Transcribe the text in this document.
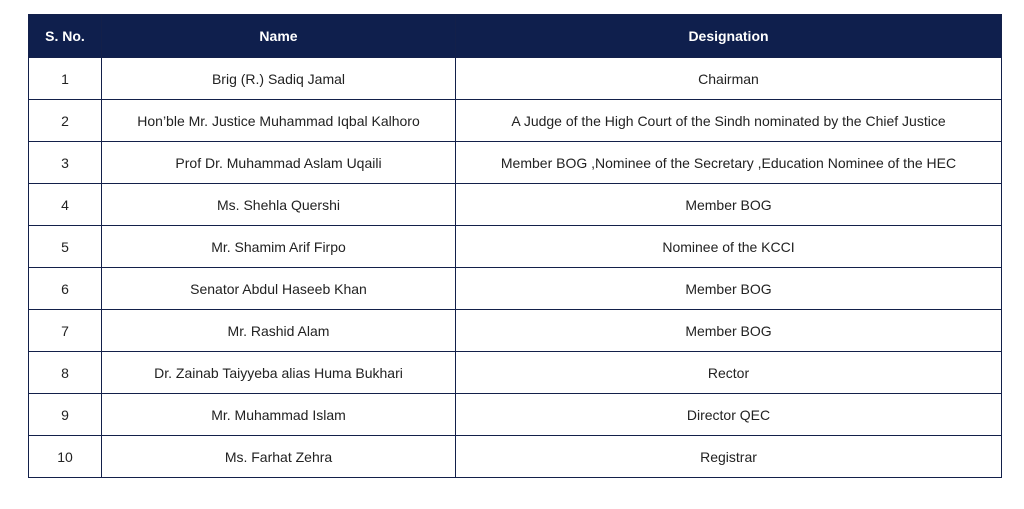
S. No.	Name	Designation
1	Brig (R.) Sadiq Jamal	Chairman
2	Hon’ble Mr. Justice Muhammad Iqbal Kalhoro	A Judge of the High Court of the Sindh nominated by the Chief Justice
3	Prof Dr. Muhammad Aslam Uqaili	Member BOG ,Nominee of the Secretary ,Education Nominee of the HEC
4	Ms. Shehla Quershi	Member BOG
5	Mr. Shamim Arif Firpo	Nominee of the KCCI
6	Senator Abdul Haseeb Khan	Member BOG
7	Mr. Rashid Alam	Member BOG
8	Dr. Zainab Taiyyeba alias Huma Bukhari	Rector
9	Mr. Muhammad Islam	Director QEC
10	Ms. Farhat Zehra	Registrar
